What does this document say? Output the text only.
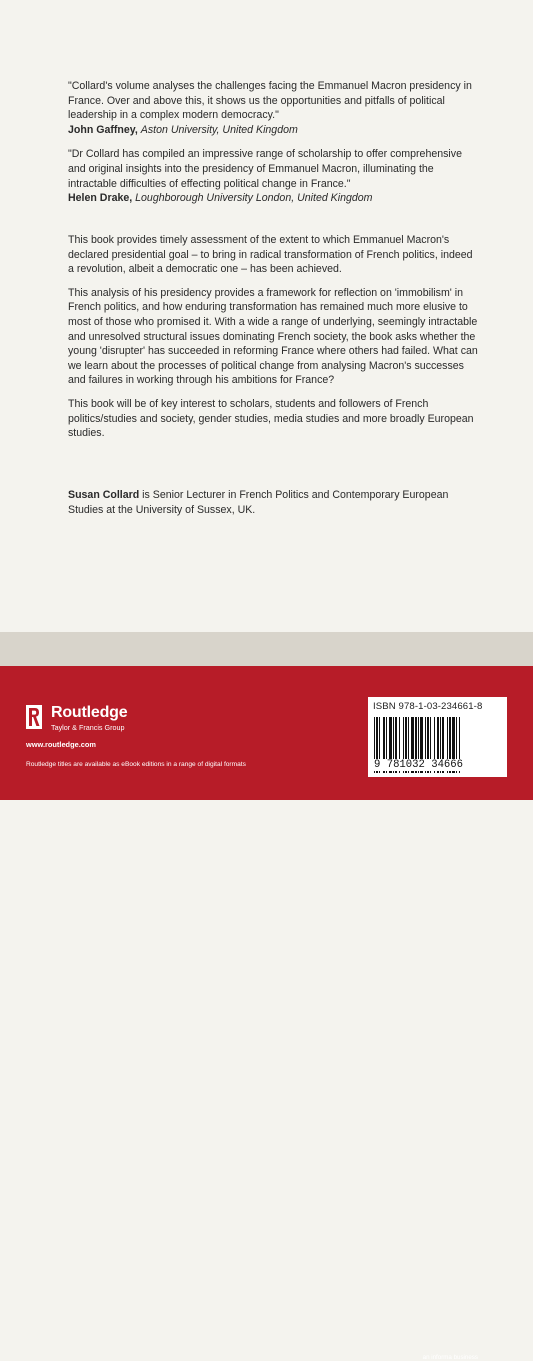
"Collard's volume analyses the challenges facing the Emmanuel Macron presidency in France. Over and above this, it shows us the opportunities and pitfalls of political leadership in a complex modern democracy."

John Gaffney, Aston University, United Kingdom

"Dr Collard has compiled an impressive range of scholarship to offer comprehensive and original insights into the presidency of Emmanuel Macron, illuminating the intractable difficulties of effecting political change in France."

Helen Drake, Loughborough University London, United Kingdom

This book provides timely assessment of the extent to which Emmanuel Macron's declared presidential goal – to bring in radical transformation of French politics, indeed a revolution, albeit a democratic one – has been achieved.

This analysis of his presidency provides a framework for reflection on 'immobilism' in French politics, and how enduring transformation has remained much more elusive to most of those who promised it. With a wide a range of underlying, seemingly intractable and unresolved structural issues dominating French society, the book asks whether the young 'disrupter' has succeeded in reforming France where others had failed. What can we learn about the processes of political change from analysing Macron's successes and failures in working through his ambitions for France?

This book will be of key interest to scholars, students and followers of French politics/studies and society, gender studies, media studies and more broadly European studies.

Susan Collard is Senior Lecturer in French Politics and Contemporary European Studies at the University of Sussex, UK.

an informa business
Routledge
Taylor & Francis Group
www.routledge.com
Routledge titles are available as eBook editions in a range of digital formats
ISBN 978-1-03-234661-8
9 781032 34666
